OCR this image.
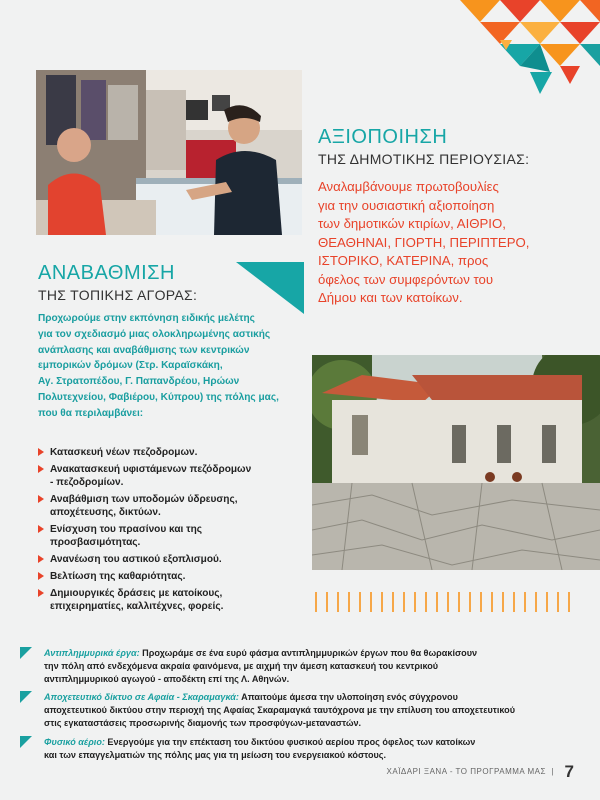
ΑΞΙΟΠΟΙΗΣΗ
ΤΗΣ ΔΗΜΟΤΙΚΗΣ ΠΕΡΙΟΥΣΙΑΣ:
Αναλαμβάνουμε πρωτοβουλίες
για την ουσιαστική αξιοποίηση
των δημοτικών κτιρίων, ΑΙΘΡΙΟ,
ΘΕΑΘΗΝΑΙ, ΓΙΟΡΤΗ, ΠΕΡΙΠΤΕΡΟ,
ΙΣΤΟΡΙΚΟ, ΚΑΤΕΡΙΝΑ, προς
όφελος των συμφερόντων του
Δήμου και των κατοίκων.
ΑΝΑΒΑΘΜΙΣΗ
ΤΗΣ ΤΟΠΙΚΗΣ ΑΓΟΡΑΣ:
Προχωρούμε στην εκπόνηση ειδικής μελέτης
για τον σχεδιασμό μιας ολοκληρωμένης αστικής
ανάπλασης και αναβάθμισης των κεντρικών
εμπορικών δρόμων (Στρ. Καραϊσκάκη,
Αγ. Στρατοπέδου, Γ. Παπανδρέου, Ηρώων
Πολυτεχνείου, Φαβιέρου, Κύπρου) της πόλης μας,
που θα περιλαμβάνει:
Κατασκευή νέων πεζοδρομων.
Ανακατασκευή υφιστάμενων πεζόδρομων
- πεζοδρομίων.
Αναβάθμιση των υποδομών ύδρευσης,
αποχέτευσης, δικτύων.
Ενίσχυση του πρασίνου και της
προσβασιμότητας.
Ανανέωση του αστικού εξοπλισμού.
Βελτίωση της καθαριότητας.
Δημιουργικές δράσεις με κατοίκους,
επιχειρηματίες, καλλιτέχνες, φορείς.
Αντιπλημμυρικά έργα: Προχωράμε σε ένα ευρύ φάσμα αντιπλημμυρικών έργων που θα θωρακίσουν
την πόλη από ενδεχόμενα ακραία φαινόμενα, με αιχμή την άμεση κατασκευή του κεντρικού
αντιπλημμυρικού αγωγού - αποδέκτη επί της Λ. Αθηνών.
Αποχετευτικό δίκτυο σε Αφαία - Σκαραμαγκά: Απαιτούμε άμεσα την υλοποίηση ενός σύγχρονου
αποχετευτικού δικτύου στην περιοχή της Αφαίας Σκαραμαγκά ταυτόχρονα με την επίλυση του αποχετευτικού
στις εγκαταστάσεις προσωρινής διαμονής των προσφύγων-μεταναστών.
Φυσικό αέριο: Ενεργούμε για την επέκταση του δικτύου φυσικού αερίου προς όφελος των κατοίκων
και των επαγγελματιών της πόλης μας για τη μείωση του ενεργειακού κόστους.
ΧΑΪΔΑΡΙ ΞΑΝΑ - ΤΟ ΠΡΟΓΡΑΜΜΑ ΜΑΣ  | 7
